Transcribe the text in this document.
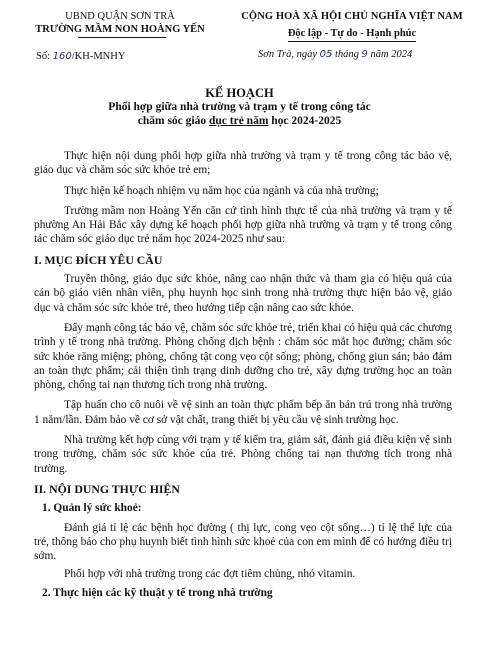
UBND QUẬN SƠN TRÀ
TRƯỜNG MẦM NON HOÀNG YẾN
CỘNG HOÀ XÃ HỘI CHỦ NGHĨA VIỆT NAM
Độc lập - Tự do - Hạnh phúc
Số: 160/KH-MNHY	Sơn Trà, ngày 05 tháng 9 năm 2024
KẾ HOẠCH
Phối hợp giữa nhà trường và trạm y tế trong công tác
chăm sóc giáo dục trẻ năm học 2024-2025

Thực hiện nội dung phối hợp giữa nhà trường và trạm y tế trong công tác bảo vệ, giáo dục và chăm sóc sức khỏe trẻ em;

Thực hiện kế hoạch nhiệm vụ năm học của ngành và của nhà trường;

Trường mầm non Hoàng Yến căn cứ tình hình thực tế của nhà trường và trạm y tế phường An Hải Bắc xây dựng kế hoạch phối hợp giữa nhà trường và trạm y tế trong công tác chăm sóc giáo dục trẻ năm học 2024-2025 như sau:

I. MỤC ĐÍCH YÊU CẦU

Truyền thông, giáo dục sức khỏe, nâng cao nhận thức và tham gia có hiệu quả của cán bộ giáo viên nhân viên, phụ huynh học sinh trong nhà trường thực hiện bảo vệ, giáo dục và chăm sóc sức khỏe trẻ, theo hướng tiếp cận nâng cao sức khỏe.

Đẩy mạnh công tác bảo vệ, chăm sóc sức khỏe trẻ, triển khai có hiệu quả các chương trình y tế trong nhà trường. Phòng chống dịch bệnh : chăm sóc mắt học đường; chăm sóc sức khỏe răng miệng; phòng, chống tật cong vẹo cột sống; phòng, chống giun sán; bảo đảm an toàn thực phẩm; cải thiện tình trạng dinh dưỡng cho trẻ, xây dựng trường học an toàn phòng, chống tai nạn thương tích trong nhà trường.

Tập huấn cho cô nuôi về vệ sinh an toàn thực phẩm bếp ăn bán trú trong nhà trường 1 năm/lần. Đảm bảo về cơ sở vật chất, trang thiết bị yêu cầu vệ sinh trường học.

Nhà trường kết hợp cùng với trạm y tế kiểm tra, giám sát, đánh giá điều kiện vệ sinh trong trường, chăm sóc sức khỏe của trẻ. Phòng chống tai nạn thương tích trong nhà trường.

II. NỘI DUNG THỰC HIỆN
1. Quản lý sức khoẻ:

Đánh giá tỉ lệ các bệnh học đường ( thị lực, cong vẹo cột sống…) tỉ lệ thể lực của trẻ, thông báo cho phụ huynh biết tình hình sức khoẻ của con em mình để có hướng điều trị sớm.

Phối hợp với nhà trường trong các đợt tiêm chủng, nhỏ vitamin.

2. Thực hiện các kỹ thuật y tế trong nhà trường
